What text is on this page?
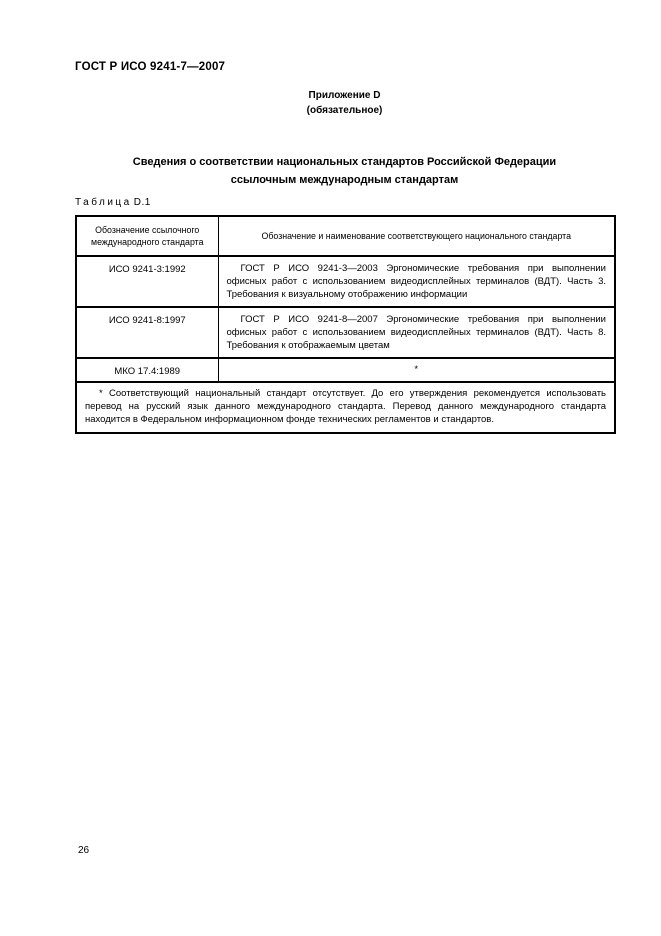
ГОСТ Р ИСО 9241-7—2007
Приложение D
(обязательное)
Сведения о соответствии национальных стандартов Российской Федерации
ссылочным международным стандартам
Таблица D.1
Обозначение ссылочного международного стандарта	Обозначение и наименование соответствующего национального стандарта
ИСО 9241-3:1992	ГОСТ Р ИСО 9241-3—2003 Эргономические требования при выполнении офисных работ с использованием видеодисплейных терминалов (ВДТ). Часть 3. Требования к визуальному отображению информации
ИСО 9241-8:1997	ГОСТ Р ИСО 9241-8—2007 Эргономические требования при выполнении офисных работ с использованием видеодисплейных терминалов (ВДТ). Часть 8. Требования к отображаемым цветам
МКО 17.4:1989	*
* Соответствующий национальный стандарт отсутствует. До его утверждения рекомендуется использовать перевод на русский язык данного международного стандарта. Перевод данного международного стандарта находится в Федеральном информационном фонде технических регламентов и стандартов.	
26
